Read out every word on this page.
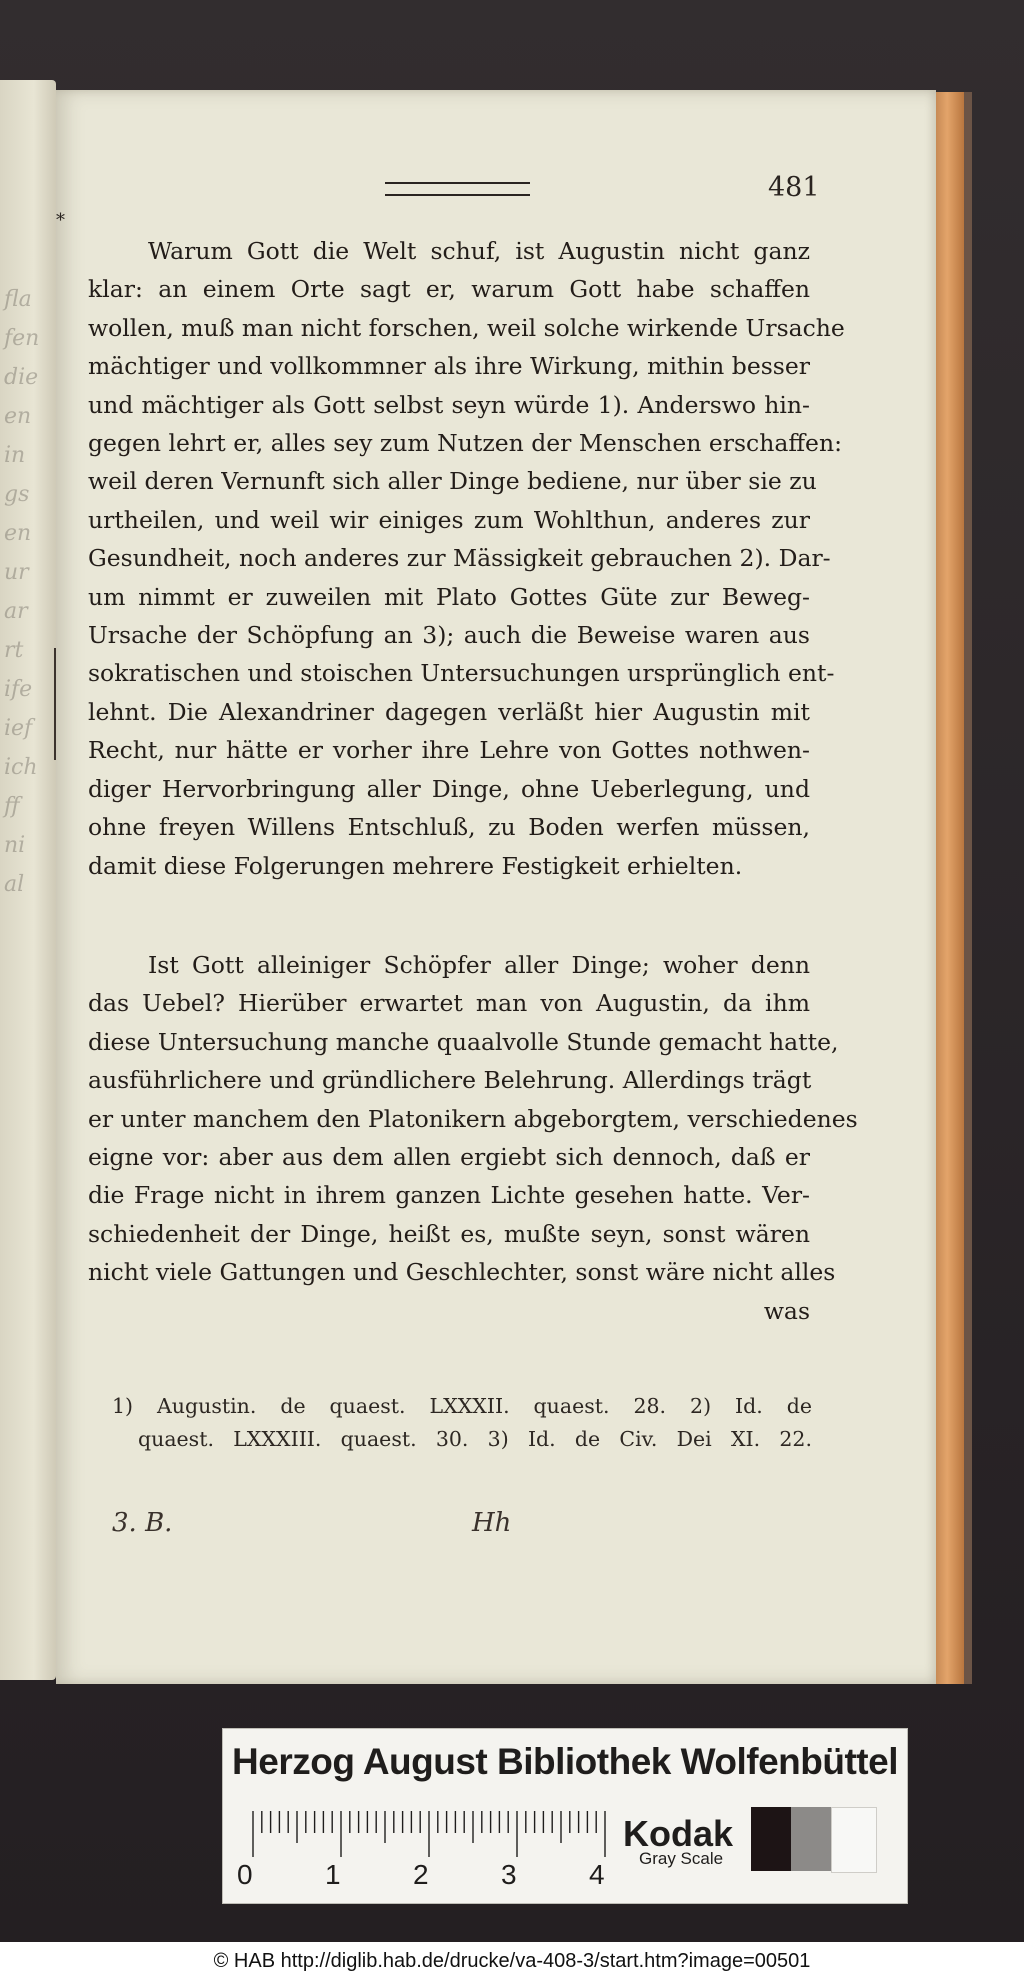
fla
fen
die
en
in
gs
en
ur
ar
rt
ife
ief
ich
ff
ni
al
*
481
Warum Gott die Welt schuf, ist Augustin nicht ganz
klar: an einem Orte sagt er, warum Gott habe schaffen
wollen, muß man nicht forschen, weil solche wirkende Ursache
mächtiger und vollkommner als ihre Wirkung, mithin besser
und mächtiger als Gott selbst seyn würde 1). Anderswo hin-
gegen lehrt er, alles sey zum Nutzen der Menschen erschaffen:
weil deren Vernunft sich aller Dinge bediene, nur über sie zu
urtheilen, und weil wir einiges zum Wohlthun, anderes zur
Gesundheit, noch anderes zur Mässigkeit gebrauchen 2). Dar-
um nimmt er zuweilen mit Plato Gottes Güte zur Beweg-
Ursache der Schöpfung an 3); auch die Beweise waren aus
sokratischen und stoischen Untersuchungen ursprünglich ent-
lehnt. Die Alexandriner dagegen verläßt hier Augustin mit
Recht, nur hätte er vorher ihre Lehre von Gottes nothwen-
diger Hervorbringung aller Dinge, ohne Ueberlegung, und
ohne freyen Willens Entschluß, zu Boden werfen müssen,
damit diese Folgerungen mehrere Festigkeit erhielten.
Ist Gott alleiniger Schöpfer aller Dinge; woher denn
das Uebel? Hierüber erwartet man von Augustin, da ihm
diese Untersuchung manche quaalvolle Stunde gemacht hatte,
ausführlichere und gründlichere Belehrung. Allerdings trägt
er unter manchem den Platonikern abgeborgtem, verschiedenes
eigne vor: aber aus dem allen ergiebt sich dennoch, daß er
die Frage nicht in ihrem ganzen Lichte gesehen hatte. Ver-
schiedenheit der Dinge, heißt es, mußte seyn, sonst wären
nicht viele Gattungen und Geschlechter, sonst wäre nicht alles
was
1) Augustin. de quaest. LXXXII. quaest. 28. 2) Id. de
quaest. LXXXIII. quaest. 30. 3) Id. de Civ. Dei XI. 22.
3. B.	Hh
Herzog August Bibliothek Wolfenbüttel
0	1	2	3	4
Kodak
Gray Scale
© HAB http://diglib.hab.de/drucke/va-408-3/start.htm?image=00501
